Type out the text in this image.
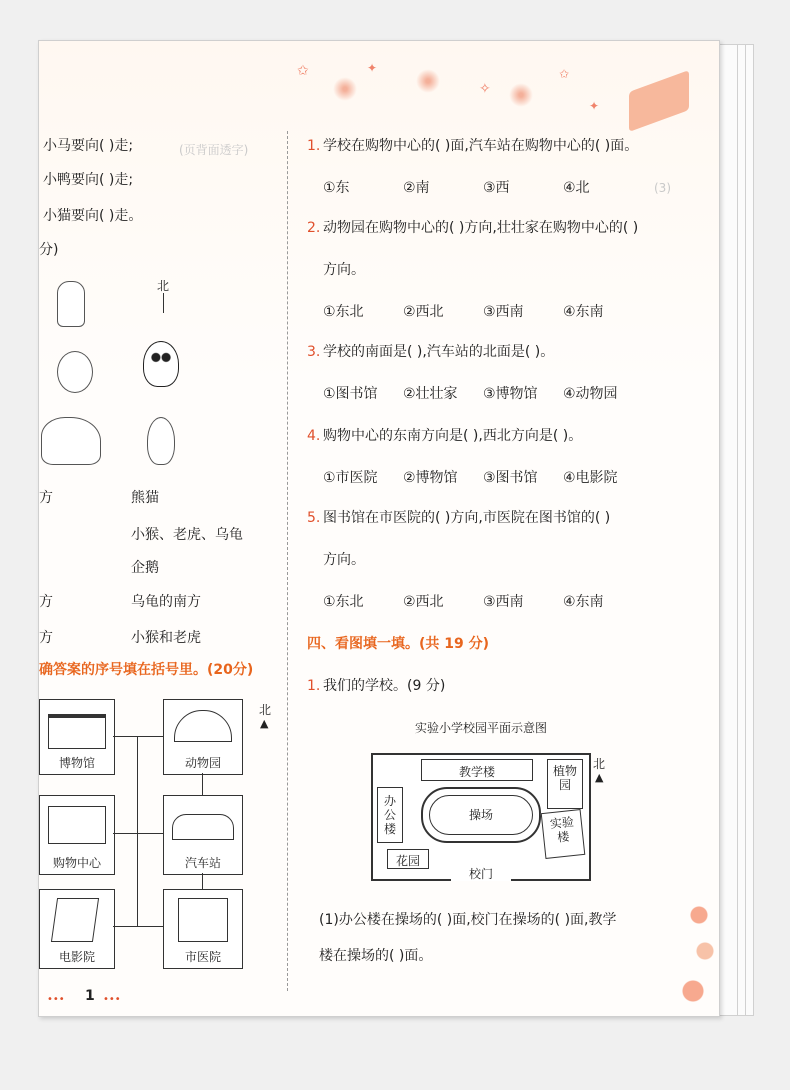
✩	✦
✧
✩
✦
(页背面透字)
(3)
小马要向( )走;
小鸭要向( )走;
小猫要向( )走。
分)
北
方	熊猫
小猴、老虎、乌龟
企鹅
方	乌龟的南方
方	小猴和老虎
确答案的序号填在括号里。(20分)
博物馆	动物园
北
▲
购物中心	汽车站
电影院	市医院
••• 1 •••
1. 学校在购物中心的( )面,汽车站在购物中心的( )面。
①东	②南	③西	④北
2. 动物园在购物中心的( )方向,壮壮家在购物中心的( )
方向。
①东北	②西北	③西南	④东南
3. 学校的南面是( ),汽车站的北面是( )。
①图书馆 ②壮壮家 ③博物馆 ④动物园
4. 购物中心的东南方向是( ),西北方向是( )。
①市医院 ②博物馆 ③图书馆 ④电影院
5. 图书馆在市医院的( )方向,市医院在图书馆的( )
方向。
①东北	②西北	③西南	④东南
四、看图填一填。(共 19 分)
1. 我们的学校。(9 分)
实验小学校园平面示意图
教学楼	植物园
办公楼
操场	实验楼
花园
校门
北
▲
(1)办公楼在操场的( )面,校门在操场的( )面,教学
楼在操场的( )面。
